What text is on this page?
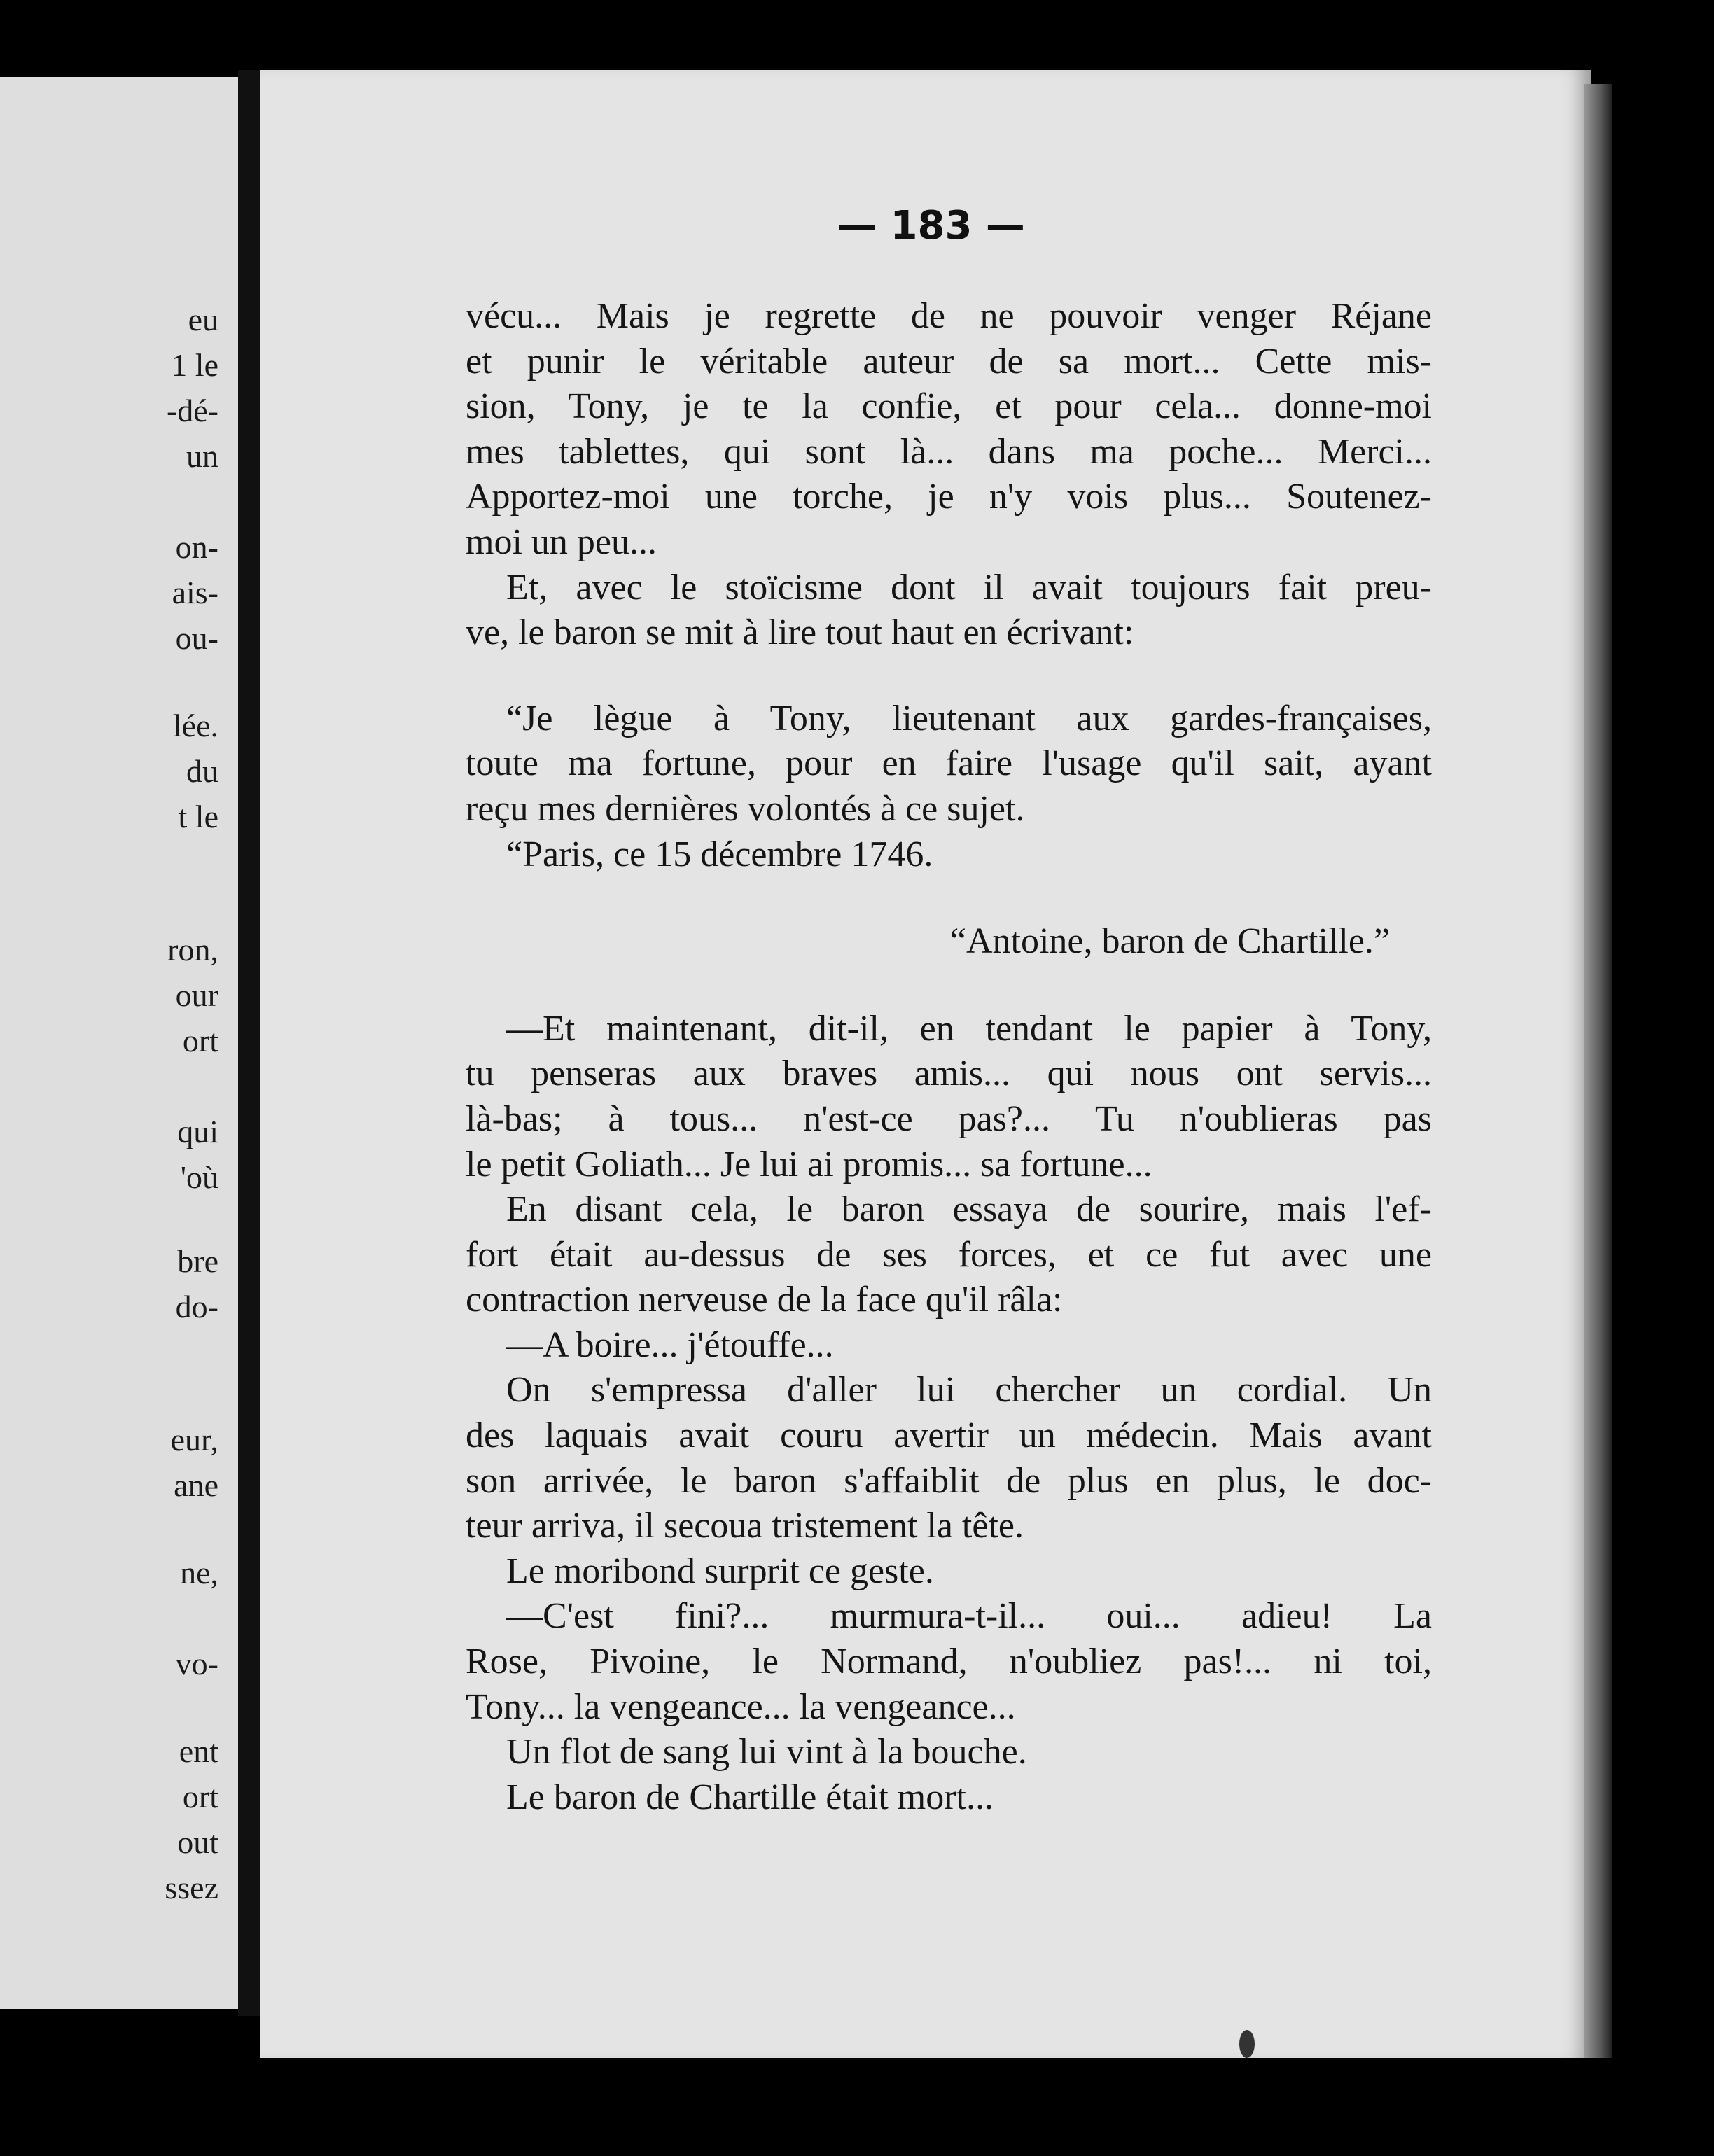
eu
1 le
-dé-
un
on-
ais-
ou-
lée.
du
t le
ron,
our
ort
qui
'où
bre
do-
eur,
ane
ne,
vo-
ent
ort
out
ssez
— 183 —
vécu... Mais je regrette de ne pouvoir venger Réjane
et punir le véritable auteur de sa mort... Cette mis-
sion, Tony, je te la confie, et pour cela... donne-moi
mes tablettes, qui sont là... dans ma poche... Merci...
Apportez-moi une torche, je n'y vois plus... Soutenez-
moi un peu...
Et, avec le stoïcisme dont il avait toujours fait preu-
ve, le baron se mit à lire tout haut en écrivant:
“Je lègue à Tony, lieutenant aux gardes-françaises,
toute ma fortune, pour en faire l'usage qu'il sait, ayant
reçu mes dernières volontés à ce sujet.
“Paris, ce 15 décembre 1746.
“Antoine, baron de Chartille.”
—Et maintenant, dit-il, en tendant le papier à Tony,
tu penseras aux braves amis... qui nous ont servis...
là-bas; à tous... n'est-ce pas?... Tu n'oublieras pas
le petit Goliath... Je lui ai promis... sa fortune...
En disant cela, le baron essaya de sourire, mais l'ef-
fort était au-dessus de ses forces, et ce fut avec une
contraction nerveuse de la face qu'il râla:
—A boire... j'étouffe...
On s'empressa d'aller lui chercher un cordial. Un
des laquais avait couru avertir un médecin. Mais avant
son arrivée, le baron s'affaiblit de plus en plus, le doc-
teur arriva, il secoua tristement la tête.
Le moribond surprit ce geste.
—C'est fini?... murmura-t-il... oui... adieu! La
Rose, Pivoine, le Normand, n'oubliez pas!... ni toi,
Tony... la vengeance... la vengeance...
Un flot de sang lui vint à la bouche.
Le baron de Chartille était mort...
